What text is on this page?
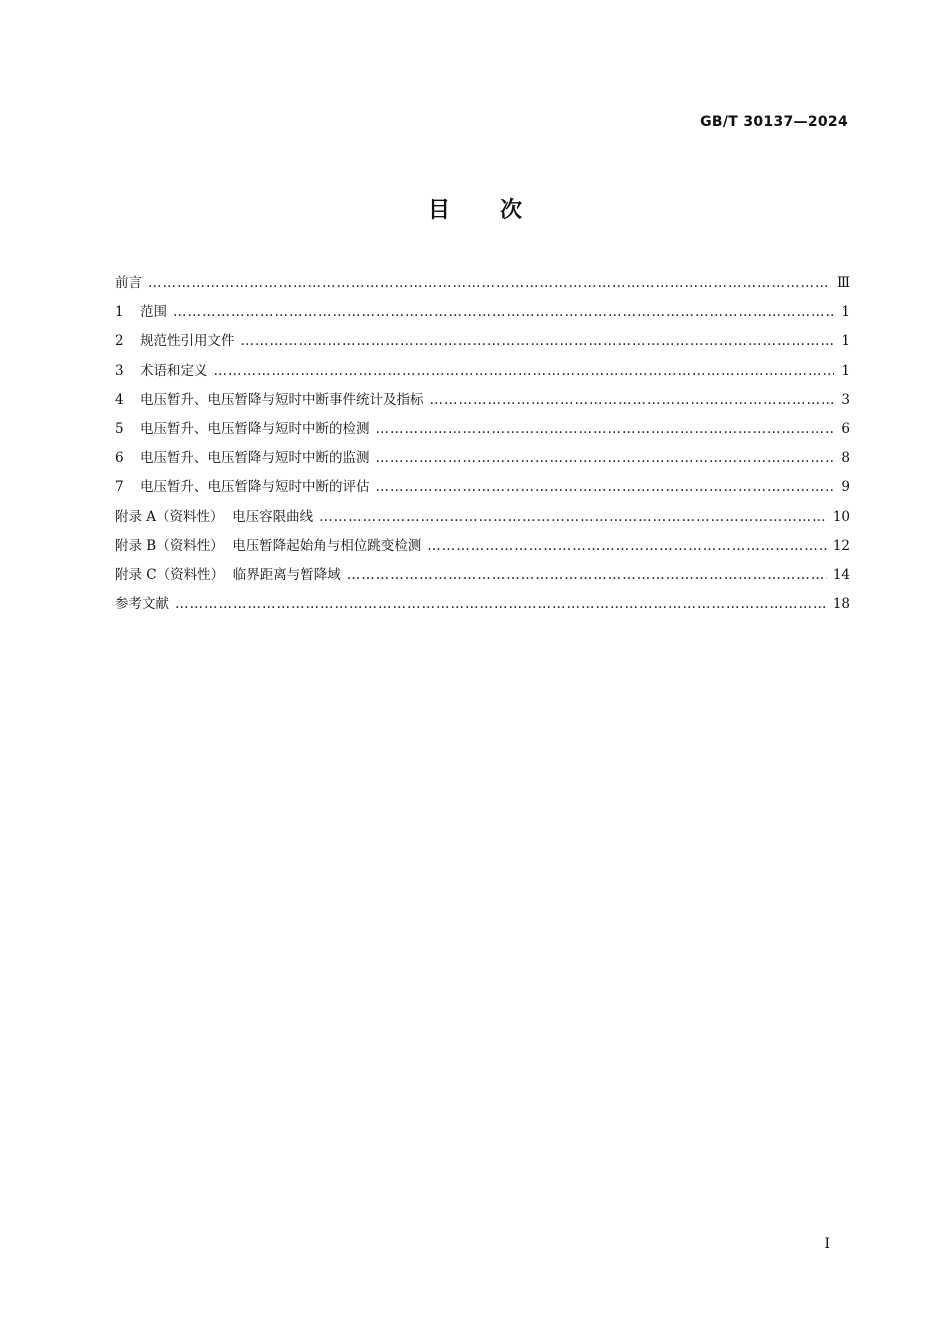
GB/T 30137—2024
目 次
前言 …………………………………………………………………………………………………………………………………………………………………………………………………………	Ⅲ
1	范围 …………………………………………………………………………………………………………………………………………………………………………………………………………	1
2	规范性引用文件 …………………………………………………………………………………………………………………………………………………………………………………………………………	1
3	术语和定义 …………………………………………………………………………………………………………………………………………………………………………………………………………	1
4	电压暂升、电压暂降与短时中断事件统计及指标 …………………………………………………………………………………………………………………………………………………………………………………………………………	3
5	电压暂升、电压暂降与短时中断的检测 …………………………………………………………………………………………………………………………………………………………………………………………………………	6
6	电压暂升、电压暂降与短时中断的监测 …………………………………………………………………………………………………………………………………………………………………………………………………………	8
7	电压暂升、电压暂降与短时中断的评估 …………………………………………………………………………………………………………………………………………………………………………………………………………	9
附录 A（资料性）  电压容限曲线 …………………………………………………………………………………………………………………………………………………………………………………………………………	10
附录 B（资料性）  电压暂降起始角与相位跳变检测 …………………………………………………………………………………………………………………………………………………………………………………………………………	12
附录 C（资料性）  临界距离与暂降域 …………………………………………………………………………………………………………………………………………………………………………………………………………	14
参考文献 …………………………………………………………………………………………………………………………………………………………………………………………………………	18
I
